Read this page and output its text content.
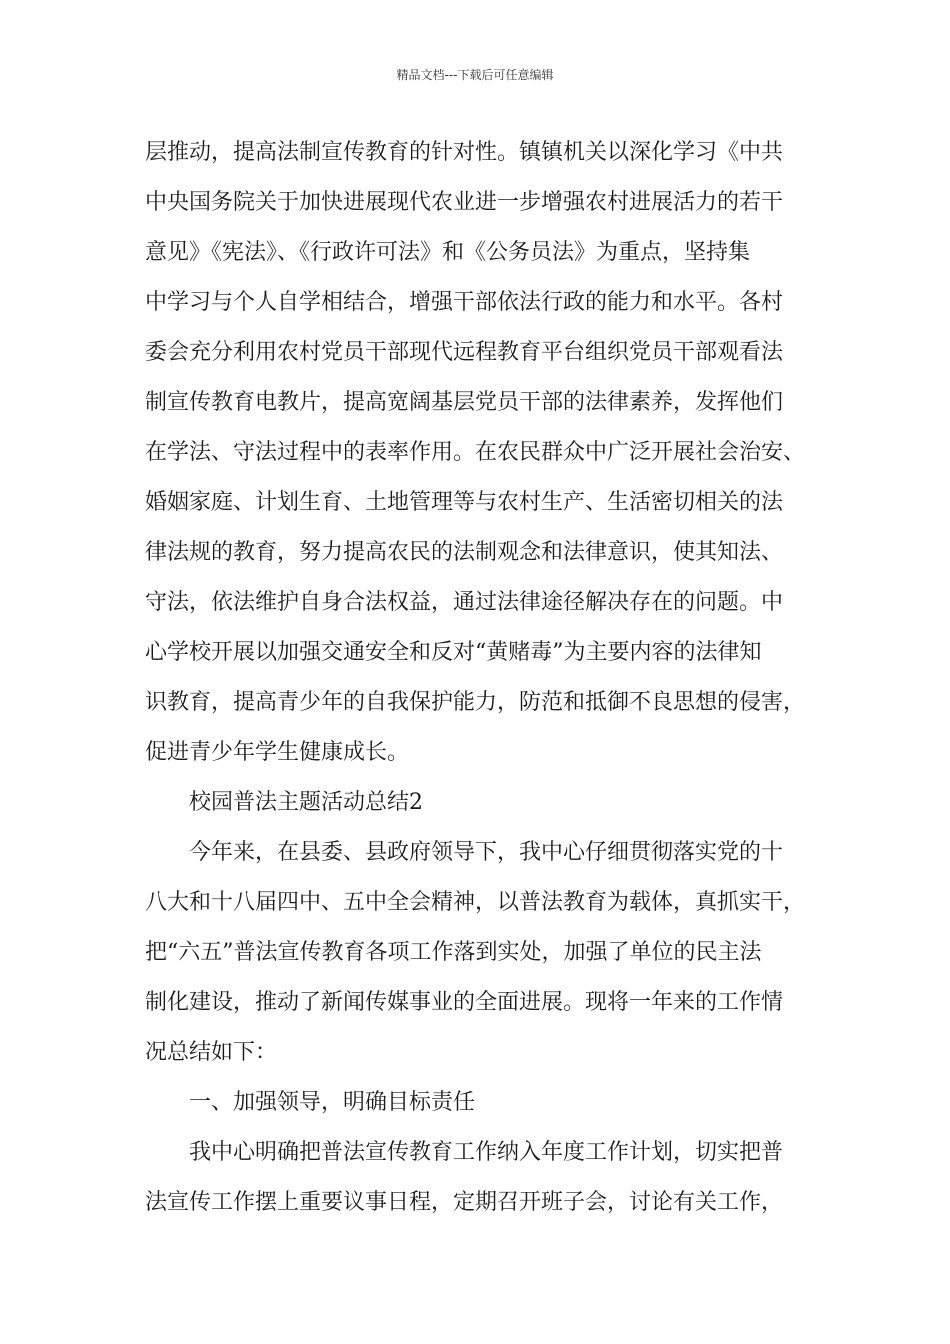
精品文档---下载后可任意编辑
层推动，提高法制宣传教育的针对性。镇镇机关以深化学习《中共
中央国务院关于加快进展现代农业进一步增强农村进展活力的若干
意见》《宪法》、《行政许可法》和《公务员法》为重点，坚持集
中学习与个人自学相结合，增强干部依法行政的能力和水平。各村
委会充分利用农村党员干部现代远程教育平台组织党员干部观看法
制宣传教育电教片，提高宽阔基层党员干部的法律素养，发挥他们
在学法、守法过程中的表率作用。在农民群众中广泛开展社会治安、
婚姻家庭、计划生育、土地管理等与农村生产、生活密切相关的法
律法规的教育，努力提高农民的法制观念和法律意识，使其知法、
守法，依法维护自身合法权益，通过法律途径解决存在的问题。中
心学校开展以加强交通安全和反对“黄赌毒”为主要内容的法律知
识教育，提高青少年的自我保护能力，防范和抵御不良思想的侵害，
促进青少年学生健康成长。
校园普法主题活动总结2
今年来，在县委、县政府领导下，我中心仔细贯彻落实党的十
八大和十八届四中、五中全会精神，以普法教育为载体，真抓实干，
把“六五”普法宣传教育各项工作落到实处，加强了单位的民主法
制化建设，推动了新闻传媒事业的全面进展。现将一年来的工作情
况总结如下：
一、加强领导，明确目标责任
我中心明确把普法宣传教育工作纳入年度工作计划，切实把普
法宣传工作摆上重要议事日程，定期召开班子会，讨论有关工作，
